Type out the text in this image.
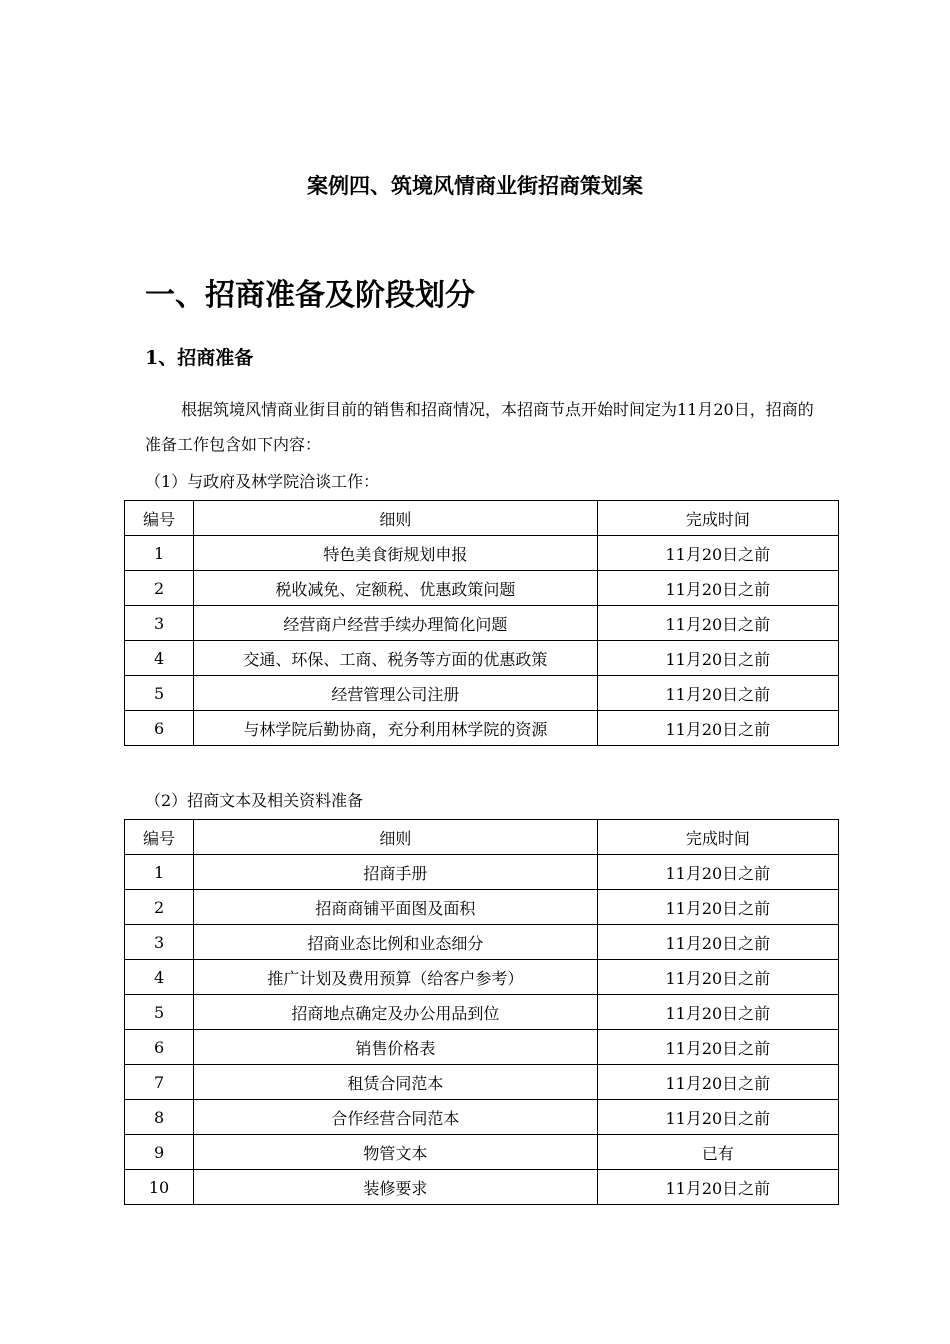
案例四、筑境风情商业街招商策划案
一、招商准备及阶段划分
1、招商准备

根据筑境风情商业街目前的销售和招商情况，本招商节点开始时间定为11月20日，招商的准备工作包含如下内容：

（1）与政府及林学院洽谈工作：

编号	细则	完成时间
1	特色美食街规划申报	11月20日之前
2	税收减免、定额税、优惠政策问题	11月20日之前
3	经营商户经营手续办理简化问题	11月20日之前
4	交通、环保、工商、税务等方面的优惠政策	11月20日之前
5	经营管理公司注册	11月20日之前
6	与林学院后勤协商，充分利用林学院的资源	11月20日之前

（2）招商文本及相关资料准备

编号	细则	完成时间
1	招商手册	11月20日之前
2	招商商铺平面图及面积	11月20日之前
3	招商业态比例和业态细分	11月20日之前
4	推广计划及费用预算（给客户参考）	11月20日之前
5	招商地点确定及办公用品到位	11月20日之前
6	销售价格表	11月20日之前
7	租赁合同范本	11月20日之前
8	合作经营合同范本	11月20日之前
9	物管文本	已有
10	装修要求	11月20日之前
